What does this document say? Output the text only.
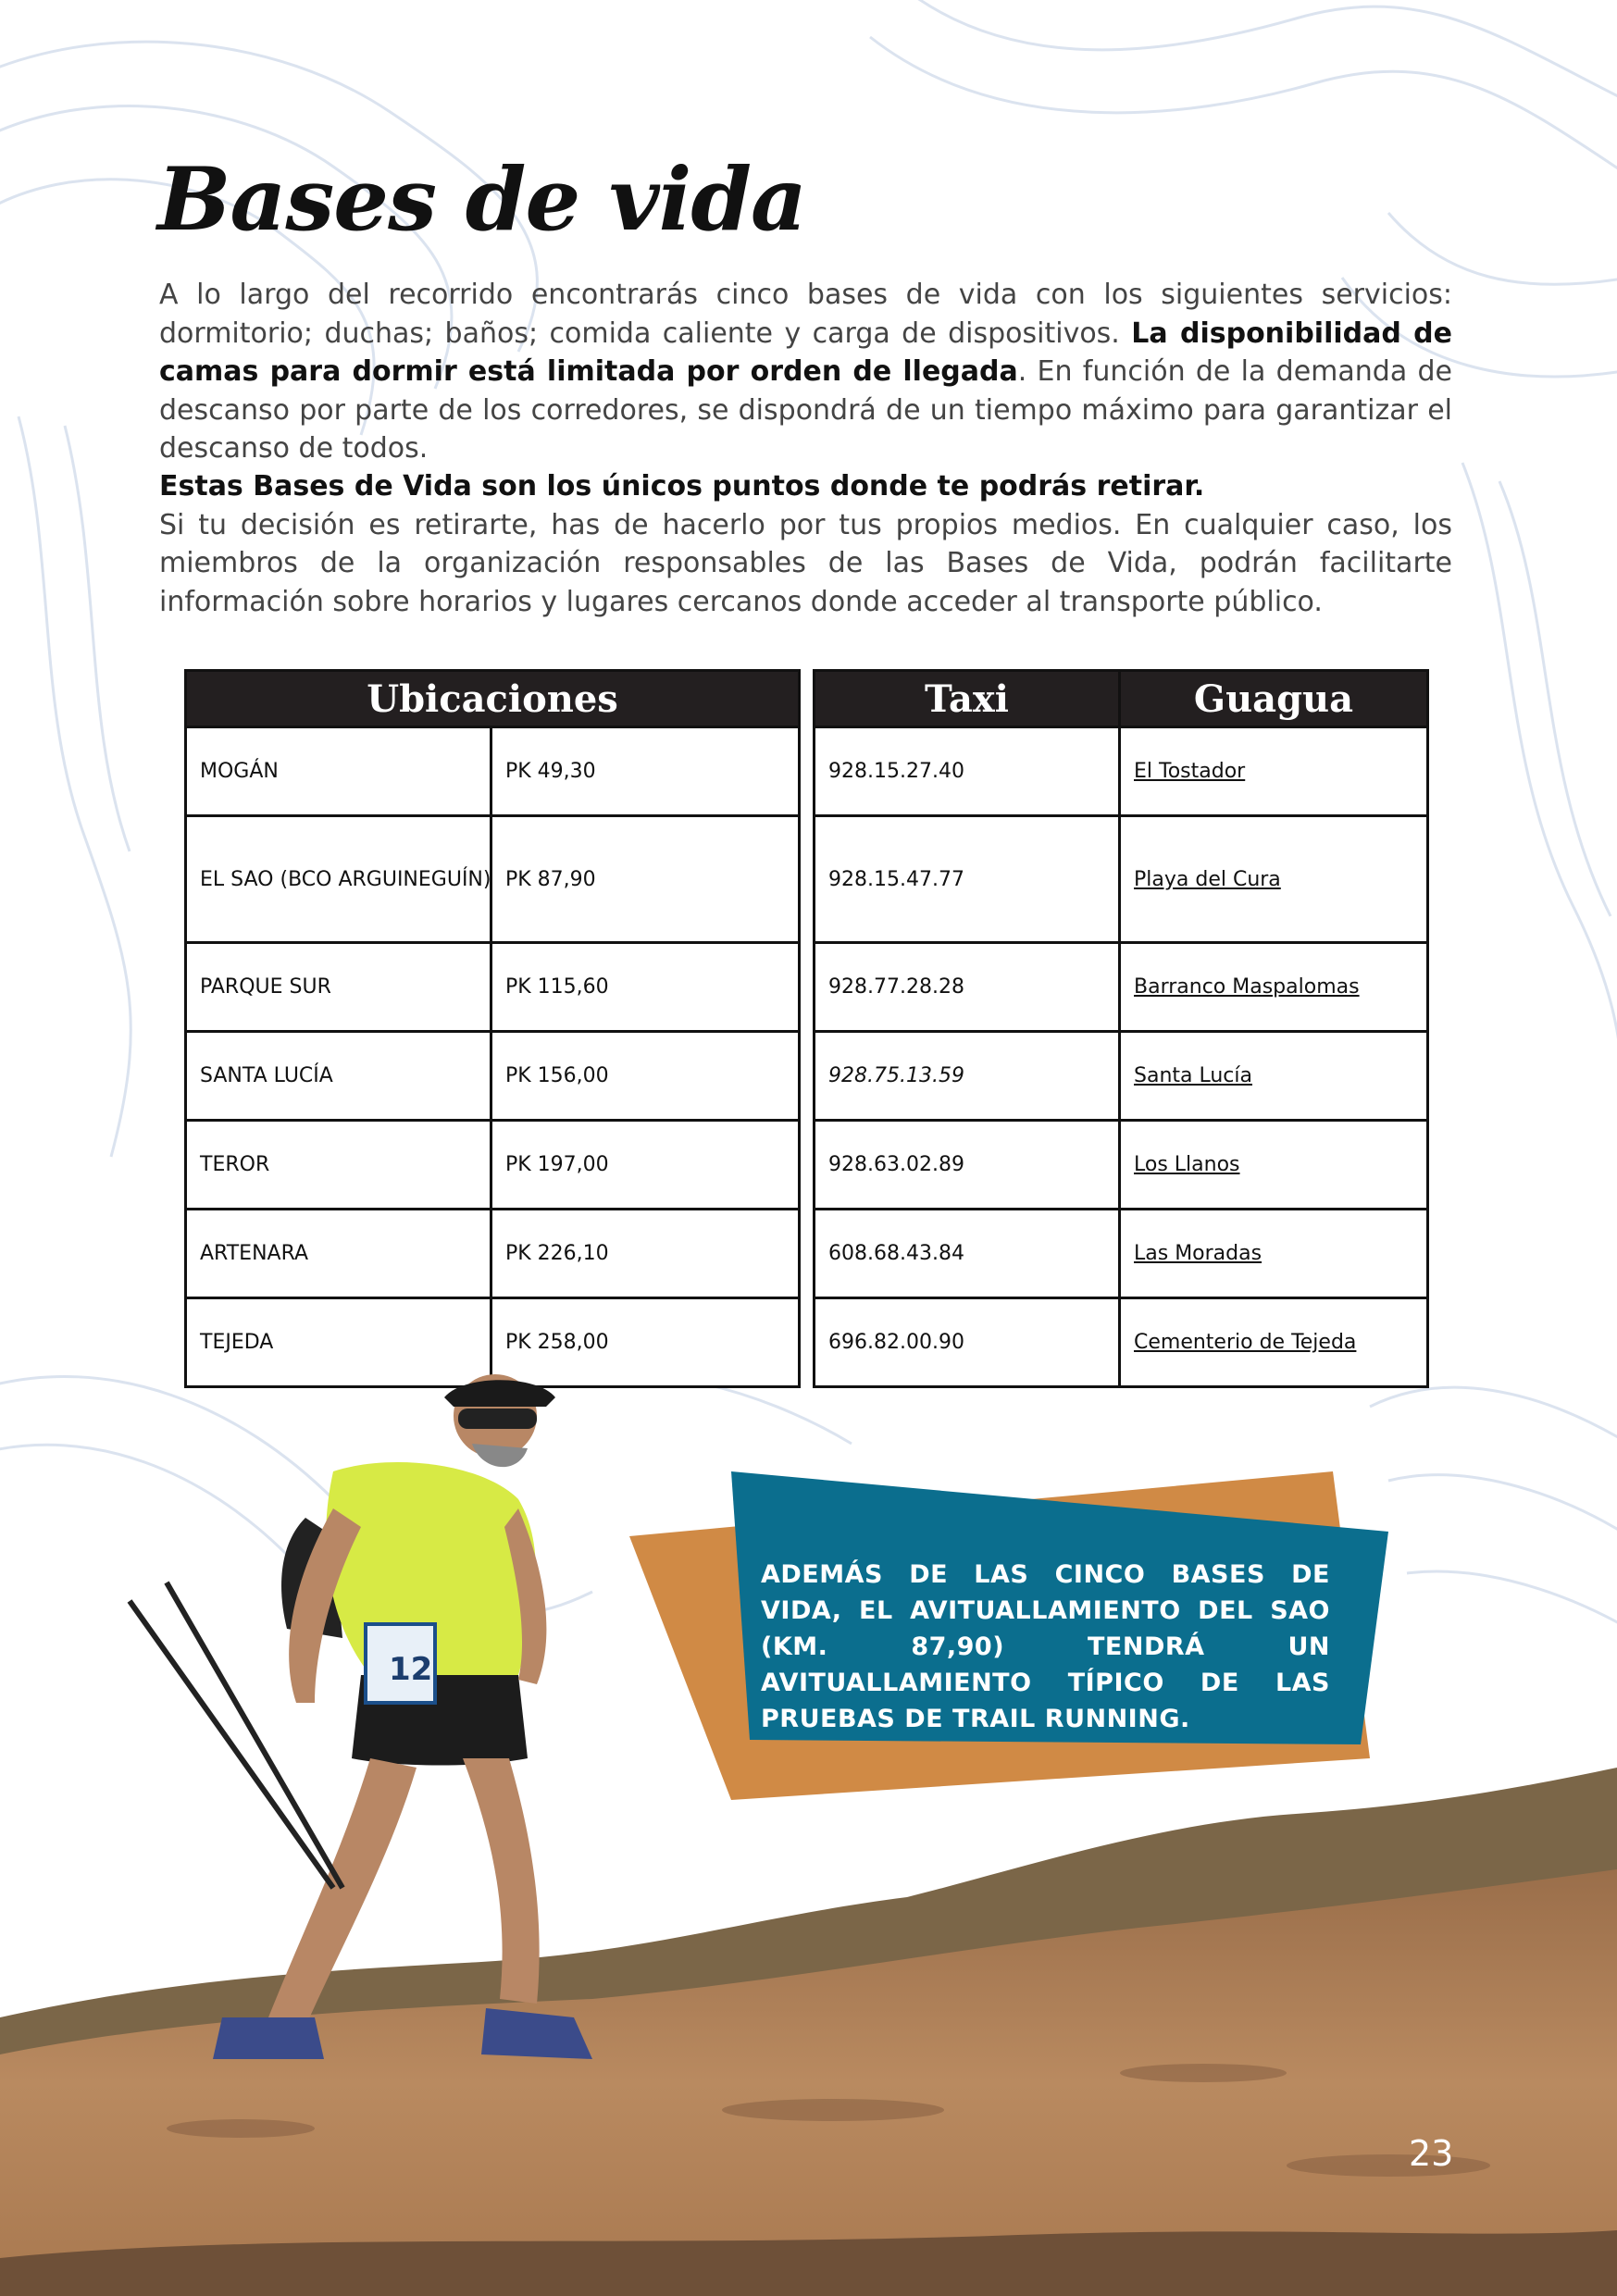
Bases de vida

A lo largo del recorrido encontrarás cinco bases de vida con los siguientes servicios: dormitorio; duchas; baños; comida caliente y carga de dispositivos. La disponibilidad de camas para dormir está limitada por orden de llegada. En función de la demanda de descanso por parte de los corredores, se dispondrá de un tiempo máximo para garantizar el descanso de todos.

Estas Bases de Vida son los únicos puntos donde te podrás retirar.
Si tu decisión es retirarte, has de hacerlo por tus propios medios. En cualquier caso, los miembros de la organización responsables de las Bases de Vida, podrán facilitarte información sobre horarios y lugares cercanos donde acceder al transporte público.

Ubicaciones	
MOGÁN	PK 49,30
EL SAO (BCO ARGUINEGUÍN)	PK 87,90
PARQUE SUR	PK 115,60
SANTA LUCÍA	PK 156,00
TEROR	PK 197,00
ARTENARA	PK 226,10
TEJEDA	PK 258,00
Taxi	Guagua
928.15.27.40	El Tostador
928.15.47.77	Playa del Cura
928.77.28.28	Barranco Maspalomas
928.75.13.59	Santa Lucía
928.63.02.89	Los Llanos
608.68.43.84	Las Moradas
696.82.00.90	Cementerio de Tejeda
12

ADEMÁS DE LAS CINCO BASES DE VIDA, EL AVITUALLAMIENTO DEL SAO (KM. 87,90) TENDRÁ UN AVITUALLAMIENTO TÍPICO DE LAS PRUEBAS DE TRAIL RUNNING.

23
